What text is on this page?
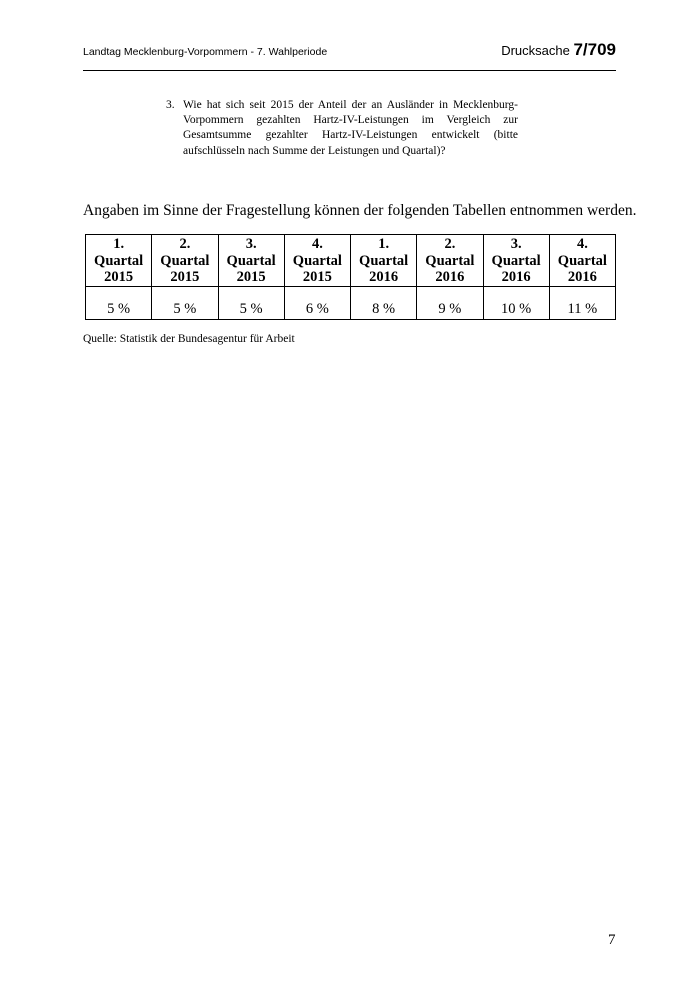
Landtag Mecklenburg-Vorpommern - 7. Wahlperiode	Drucksache 7/709
3. Wie hat sich seit 2015 der Anteil der an Ausländer in Mecklenburg-Vorpommern gezahlten Hartz-IV-Leistungen im Vergleich zur Gesamtsumme gezahlter Hartz-IV-Leistungen entwickelt (bitte aufschlüsseln nach Summe der Leistungen und Quartal)?
Angaben im Sinne der Fragestellung können der folgenden Tabellen entnommen werden.
1.
Quartal
2015	2.
Quartal
2015	3.
Quartal
2015	4.
Quartal
2015	1.
Quartal
2016	2.
Quartal
2016	3.
Quartal
2016	4.
Quartal
2016

5 %	5 %	5 %	6 %	8 %	9 %	10 %	11 %
Quelle: Statistik der Bundesagentur für Arbeit
7
